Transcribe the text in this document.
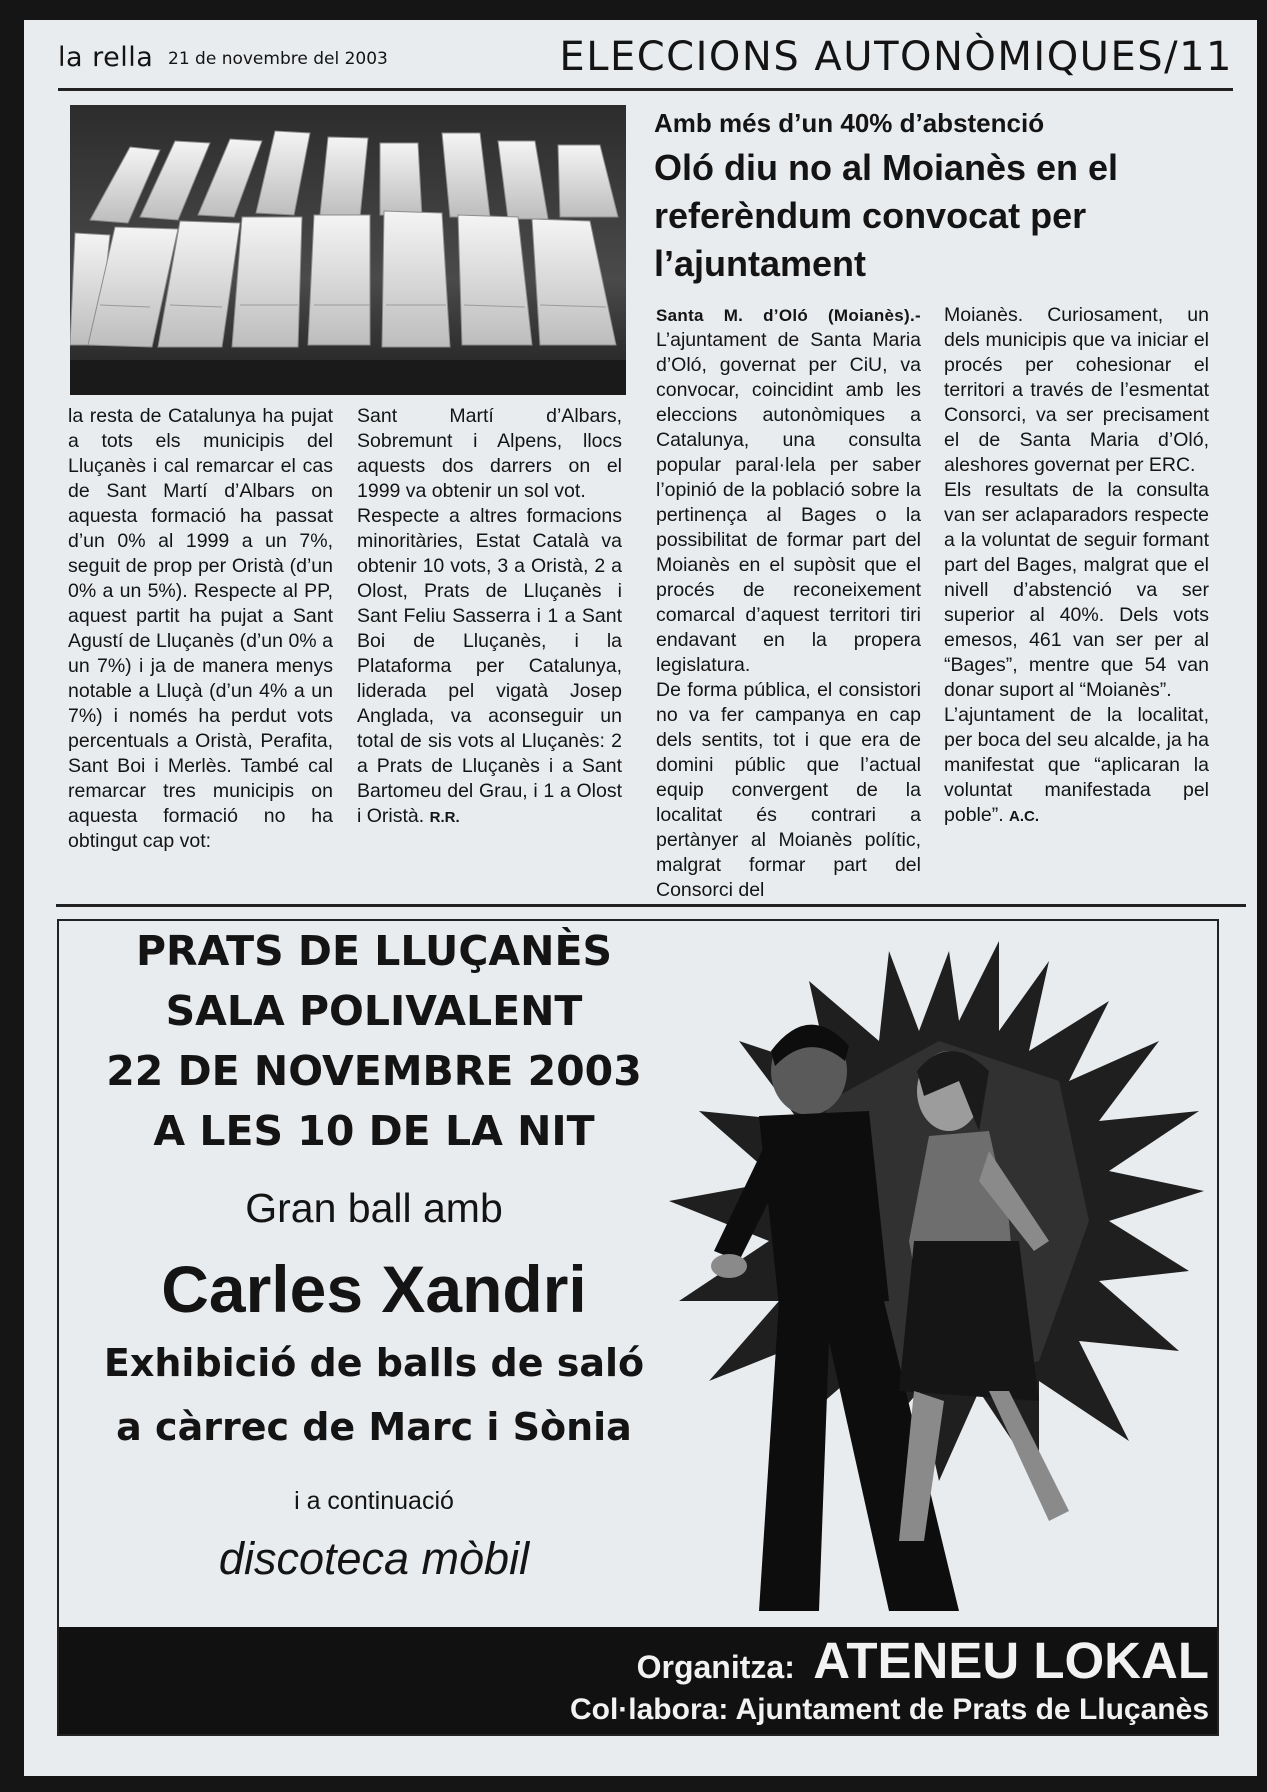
la rella 21 de novembre del 2003	ELECCIONS AUTONÒMIQUES/11

la resta de Catalunya ha pujat a tots els municipis del Lluçanès i cal remarcar el cas de Sant Martí d’Albars on aquesta formació ha passat d’un 0% al 1999 a un 7%, seguit de prop per Oristà (d’un 0% a un 5%). Respecte al PP, aquest partit ha pujat a Sant Agustí de Lluçanès (d’un 0% a un 7%) i ja de manera menys notable a Lluçà (d’un 4% a un 7%) i només ha perdut vots percentuals a Oristà, Perafita, Sant Boi i Merlès. També cal remarcar tres municipis on aquesta formació no ha obtingut cap vot:

Sant Martí d’Albars, Sobremunt i Alpens, llocs aquests dos darrers on el 1999 va obtenir un sol vot.

Respecte a altres formacions minoritàries, Estat Català va obtenir 10 vots, 3 a Oristà, 2 a Olost, Prats de Lluçanès i Sant Feliu Sasserra i 1 a Sant Boi de Lluçanès, i la Plataforma per Catalunya, liderada pel vigatà Josep Anglada, va aconseguir un total de sis vots al Lluçanès: 2 a Prats de Lluçanès i a Sant Bartomeu del Grau, i 1 a Olost i Oristà. R.R.

Amb més d’un 40% d’abstenció
Oló diu no al Moianès en el referèndum convocat per l’ajuntament

Santa M. d’Oló (Moianès).- L’ajuntament de Santa Maria d’Oló, governat per CiU, va convocar, coincidint amb les eleccions autonòmiques a Catalunya, una consulta popular paral·lela per saber l’opinió de la població sobre la pertinença al Bages o la possibilitat de formar part del Moianès en el supòsit que el procés de reconeixement comarcal d’aquest territori tiri endavant en la propera legislatura.

De forma pública, el consistori no va fer campanya en cap dels sentits, tot i que era de domini públic que l’actual equip convergent de la localitat és contrari a pertànyer al Moianès polític, malgrat formar part del Consorci del

Moianès. Curiosament, un dels municipis que va iniciar el procés per cohesionar el territori a través de l’esmentat Consorci, va ser precisament el de Santa Maria d’Oló, aleshores governat per ERC.

Els resultats de la consulta van ser aclaparadors respecte a la voluntat de seguir formant part del Bages, malgrat que el nivell d’abstenció va ser superior al 40%. Dels vots emesos, 461 van ser per al “Bages”, mentre que 54 van donar suport al “Moianès”.

L’ajuntament de la localitat, per boca del seu alcalde, ja ha manifestat que “aplicaran la voluntat manifestada pel poble”. A.C.

PRATS DE LLUÇANÈS
SALA POLIVALENT
22 DE NOVEMBRE 2003
A LES 10 DE LA NIT
Gran ball amb
Carles Xandri
Exhibició de balls de saló
a càrrec de Marc i Sònia
i a continuació
discoteca mòbil
Organitza: ATENEU LOKAL
Col·labora: Ajuntament de Prats de Lluçanès
